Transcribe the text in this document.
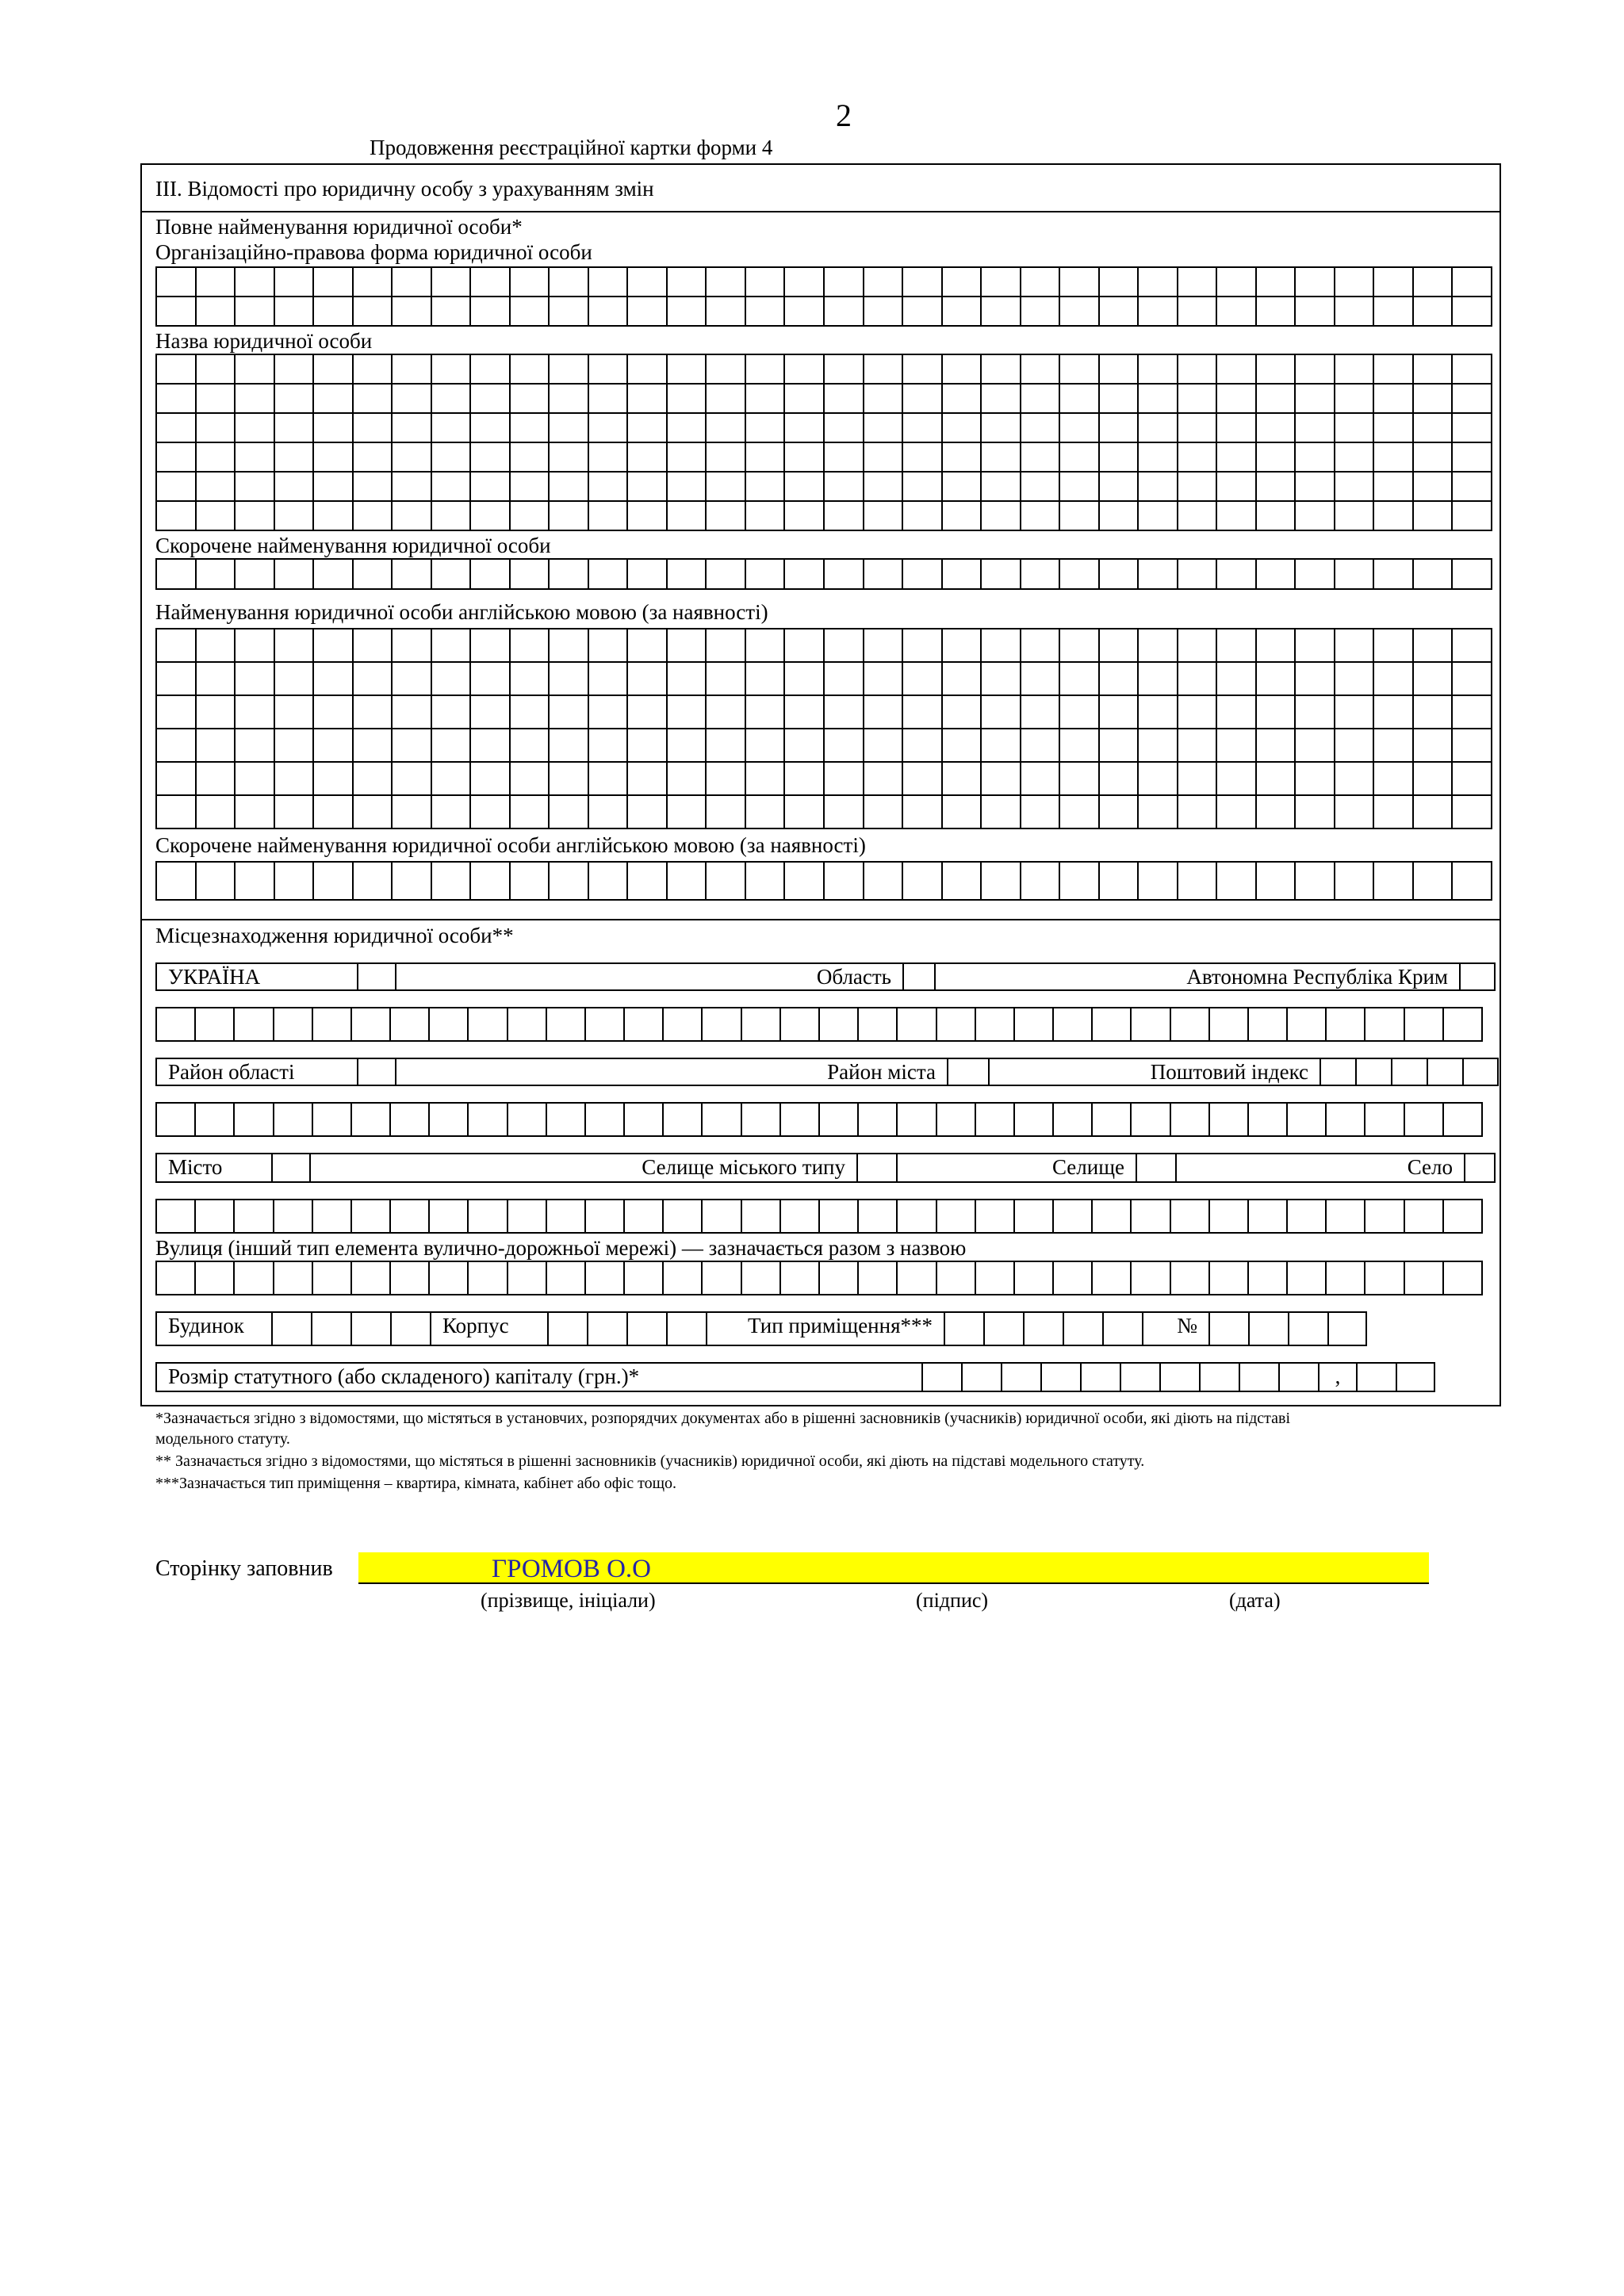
2
Продовження реєстраційної картки форми 4
ІІІ. Відомості про юридичну особу з урахуванням змін
Повне найменування юридичної особи*
Організаційно-правова форма юридичної особи
Назва юридичної особи
Скорочене найменування юридичної особи
Найменування юридичної особи англійською мовою (за наявності)
Скорочене найменування юридичної особи англійською мовою (за наявності)
Місцезнаходження юридичної особи**
УКРАЇНА	Область	Автономна Республіка Крим
Район області	Район міста	Поштовий індекс
Місто	Селище міського типу	Селище	Село
Вулиця (інший тип елемента вулично-дорожньої мережі) — зазначається разом з назвою
Будинок	Корпус	Тип приміщення***	№
Розмір статутного (або складеного) капіталу (грн.)*	,
*Зазначається згідно з відомостями, що містяться в установчих, розпорядчих документах або в рішенні засновників (учасників) юридичної особи, які діють на підставі
модельного статуту.
** Зазначається згідно з відомостями, що містяться в рішенні засновників (учасників) юридичної особи, які діють на підставі модельного статуту.
***Зазначається тип приміщення – квартира, кімната, кабінет або офіс тощо.
Сторінку заповнив	ГРОМОВ О.О
(прізвище, ініціали)	(підпис)	(дата)
